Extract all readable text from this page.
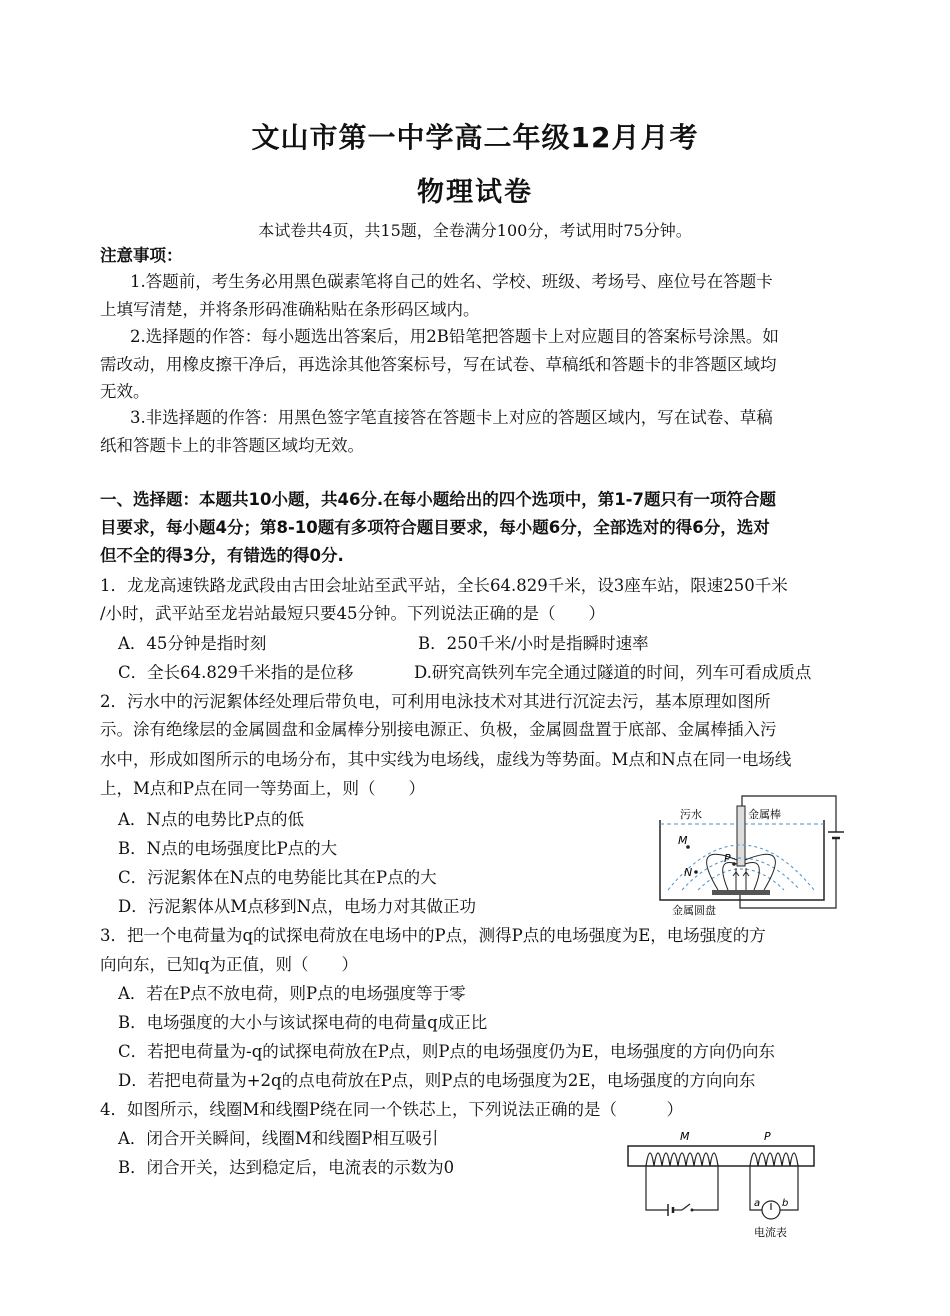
文山市第一中学高二年级12月月考
物理试卷
本试卷共4页，共15题，全卷满分100分，考试用时75分钟。
注意事项：
1.答题前，考生务必用黑色碳素笔将自己的姓名、学校、班级、考场号、座位号在答题卡
上填写清楚，并将条形码准确粘贴在条形码区域内。
2.选择题的作答：每小题选出答案后，用2B铅笔把答题卡上对应题目的答案标号涂黑。如
需改动，用橡皮擦干净后，再选涂其他答案标号，写在试卷、草稿纸和答题卡的非答题区域均
无效。
3.非选择题的作答：用黑色签字笔直接答在答题卡上对应的答题区域内，写在试卷、草稿
纸和答题卡上的非答题区域均无效。
一、选择题：本题共10小题，共46分.在每小题给出的四个选项中，第1-7题只有一项符合题
目要求，每小题4分；第8-10题有多项符合题目要求，每小题6分，全部选对的得6分，选对
但不全的得3分，有错选的得0分.
1．龙龙高速铁路龙武段由古田会址站至武平站，全长64.829千米，设3座车站，限速250千米
/小时，武平站至龙岩站最短只要45分钟。下列说法正确的是（　　）
A．45分钟是指时刻	B．250千米/小时是指瞬时速率
C．全长64.829千米指的是位移	D.研究高铁列车完全通过隧道的时间，列车可看成质点
2．污水中的污泥絮体经处理后带负电，可利用电泳技术对其进行沉淀去污，基本原理如图所
示。涂有绝缘层的金属圆盘和金属棒分别接电源正、负极，金属圆盘置于底部、金属棒插入污
水中，形成如图所示的电场分布，其中实线为电场线，虚线为等势面。M点和N点在同一电场线
上，M点和P点在同一等势面上，则（　　）
A．N点的电势比P点的低
B．N点的电场强度比P点的大
C．污泥絮体在N点的电势能比其在P点的大
D．污泥絮体从M点移到N点，电场力对其做正功
M
N
P
污水	金属棒
金属圆盘
3．把一个电荷量为q的试探电荷放在电场中的P点，测得P点的电场强度为E，电场强度的方
向向东，已知q为正值，则（　　）
A．若在P点不放电荷，则P点的电场强度等于零
B．电场强度的大小与该试探电荷的电荷量q成正比
C．若把电荷量为-q的试探电荷放在P点，则P点的电场强度仍为E，电场强度的方向仍向东
D．若把电荷量为+2q的点电荷放在P点，则P点的电场强度为2E，电场强度的方向向东
4．如图所示，线圈M和线圈P绕在同一个铁芯上，下列说法正确的是（　　　）
A．闭合开关瞬间，线圈M和线圈P相互吸引
B．闭合开关，达到稳定后，电流表的示数为0
M	P
a b
电流表
